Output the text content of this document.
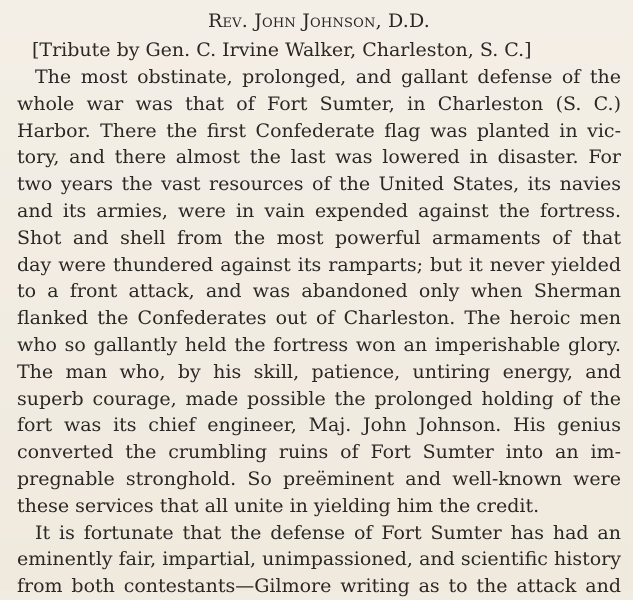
Rev. John Johnson, D.D.

[Tribute by Gen. C. Irvine Walker, Charleston, S. C.]

The most obstinate, prolonged, and gallant defense of the
whole war was that of Fort Sumter, in Charleston (S. C.)
Harbor. There the first Confederate flag was planted in vic-
tory, and there almost the last was lowered in disaster. For
two years the vast resources of the United States, its navies
and its armies, were in vain expended against the fortress.
Shot and shell from the most powerful armaments of that
day were thundered against its ramparts; but it never yielded
to a front attack, and was abandoned only when Sherman
flanked the Confederates out of Charleston. The heroic men
who so gallantly held the fortress won an imperishable glory.
The man who, by his skill, patience, untiring energy, and
superb courage, made possible the prolonged holding of the
fort was its chief engineer, Maj. John Johnson. His genius
converted the crumbling ruins of Fort Sumter into an im-
pregnable stronghold. So preëminent and well-known were
these services that all unite in yielding him the credit.

It is fortunate that the defense of Fort Sumter has had an
eminently fair, impartial, unimpassioned, and scientific history
from both contestants—Gilmore writing as to the attack and
